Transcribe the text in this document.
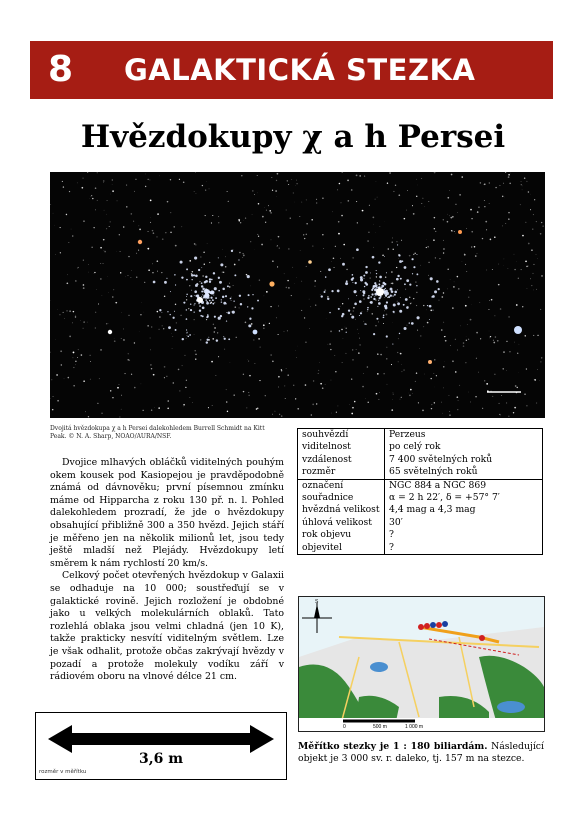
8 GALAKTICKÁ STEZKA
Hvězdokupy χ a h Persei
Dvojitá hvězdokupa χ a h Persei dalekohledem Burrell Schmidt na Kitt Peak. © N. A. Sharp, NOAO/AURA/NSF.

Dvojice mlhavých obláčků viditelných pouhým okem kousek pod Kasiopejou je pravděpodobně známá od dávnověku; první písemnou zmínku máme od Hipparcha z roku 130 př. n. l. Pohled dalekohledem prozradí, že jde o hvězdokupy obsahující přibližně 300 a 350 hvězd. Jejich stáří je měřeno jen na několik milionů let, jsou tedy ještě mladší než Plejády. Hvězdokupy letí směrem k nám rychlostí 20 km/s.

Celkový počet otevřených hvězdokup v Galaxii se odhaduje na 10 000; soustřeďují se v galaktické rovině. Jejich rozložení je obdobné jako u velkých molekulárních oblaků. Tato rozlehlá oblaka jsou velmi chladná (jen 10 K), takže prakticky nesvítí viditelným světlem. Lze je však odhalit, protože občas zakrývají hvězdy v pozadí a protože molekuly vodíku září v rádiovém oboru na vlnové délce 21 cm.

souhvězdí	Perzeus
viditelnost	po celý rok
vzdálenost	7 400 světelných roků
rozměr	65 světelných roků
označení	NGC 884 a NGC 869
souřadnice	α = 2 h 22′, δ = +57° 7′
hvězdná velikost	4,4 mag a 4,3 mag
úhlová velikost	30′
rok objevu	?
objevitel	?
S
0	500 m	1 000 m
Měřítko stezky je 1 : 180 biliardám. Následující objekt je 3 000 sv. r. daleko, tj. 157 m na stezce.
3,6 m
rozměr v měřítku
